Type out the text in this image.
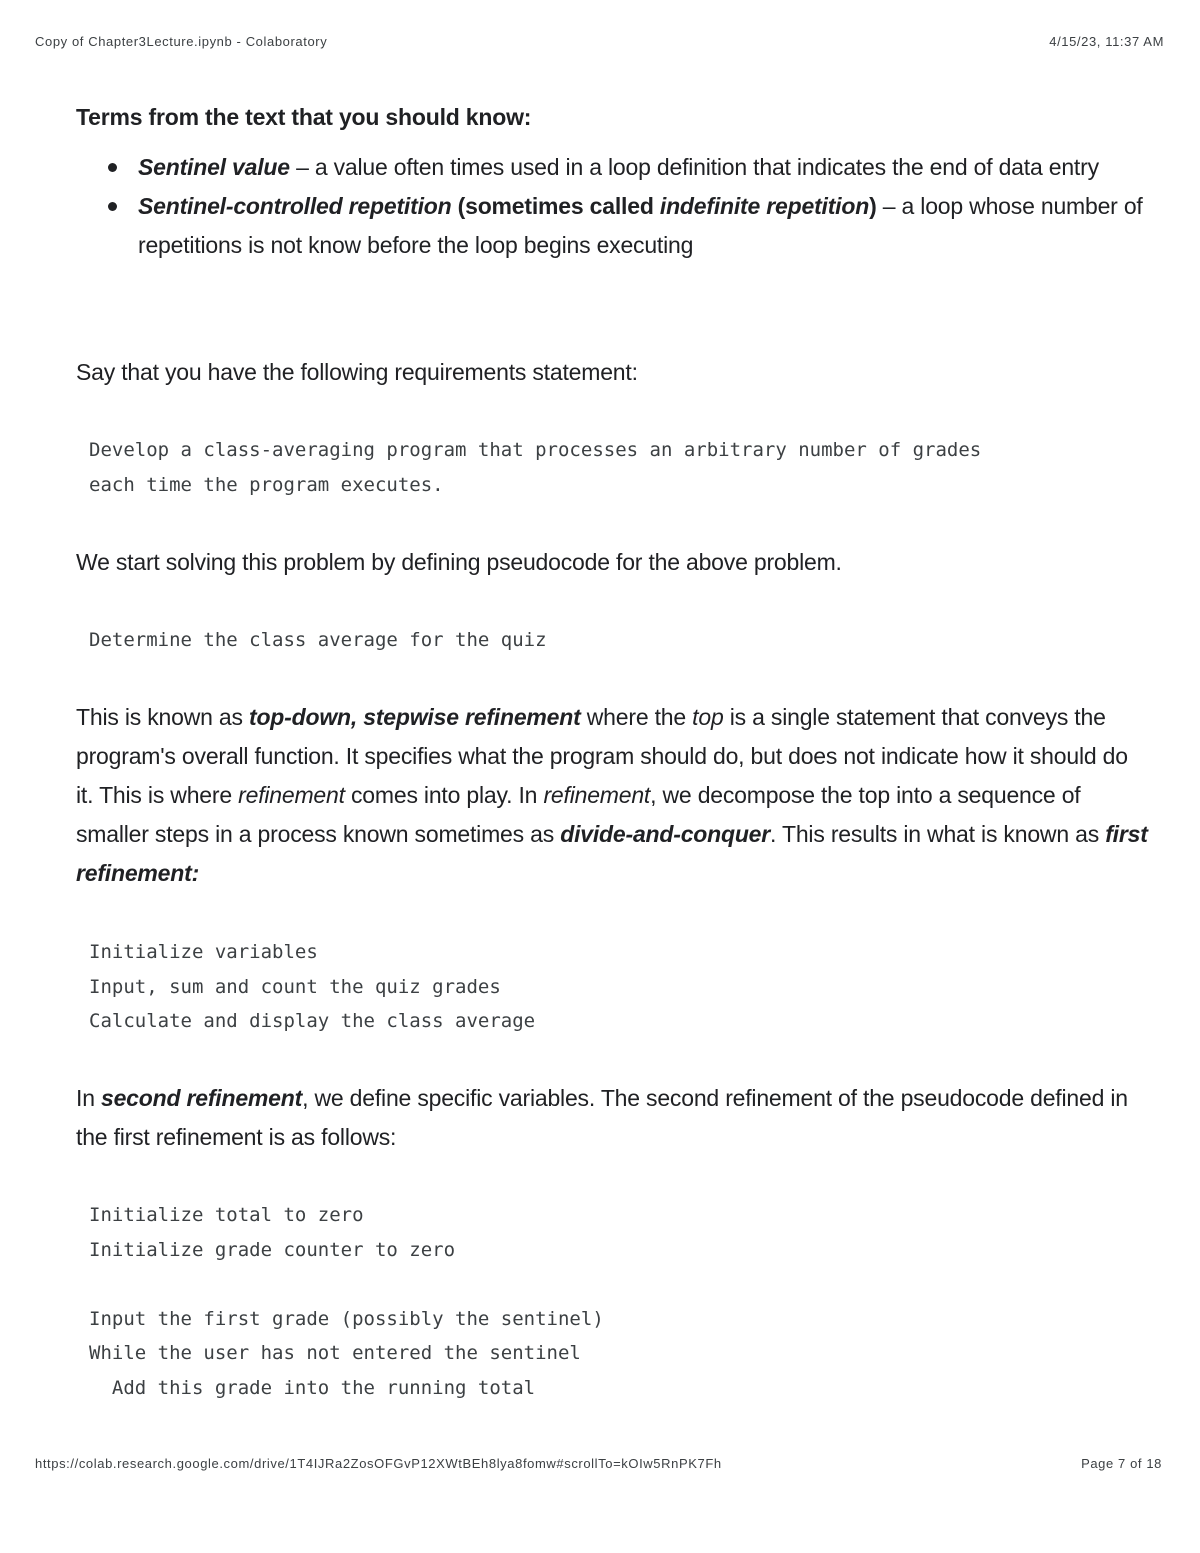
Copy of Chapter3Lecture.ipynb - Colaboratory	4/15/23, 11:37 AM

Terms from the text that you should know:

Sentinel value – a value often times used in a loop definition that indicates the end of data entry
Sentinel-controlled repetition (sometimes called indefinite repetition) – a loop whose number of repetitions is not know before the loop begins executing

Say that you have the following requirements statement:

Develop a class-averaging program that processes an arbitrary number of grades
each time the program executes.

We start solving this problem by defining pseudocode for the above problem.

Determine the class average for the quiz

This is known as top-down, stepwise refinement where the top is a single statement that conveys the program's overall function. It specifies what the program should do, but does not indicate how it should do it. This is where refinement comes into play. In refinement, we decompose the top into a sequence of smaller steps in a process known sometimes as divide-and-conquer. This results in what is known as first refinement:

Initialize variables
Input, sum and count the quiz grades
Calculate and display the class average

In second refinement, we define specific variables. The second refinement of the pseudocode defined in the first refinement is as follows:

Initialize total to zero
Initialize grade counter to zero

Input the first grade (possibly the sentinel)
While the user has not entered the sentinel
Add this grade into the running total
https://colab.research.google.com/drive/1T4IJRa2ZosOFGvP12XWtBEh8lya8fomw#scrollTo=kOIw5RnPK7Fh	Page 7 of 18
